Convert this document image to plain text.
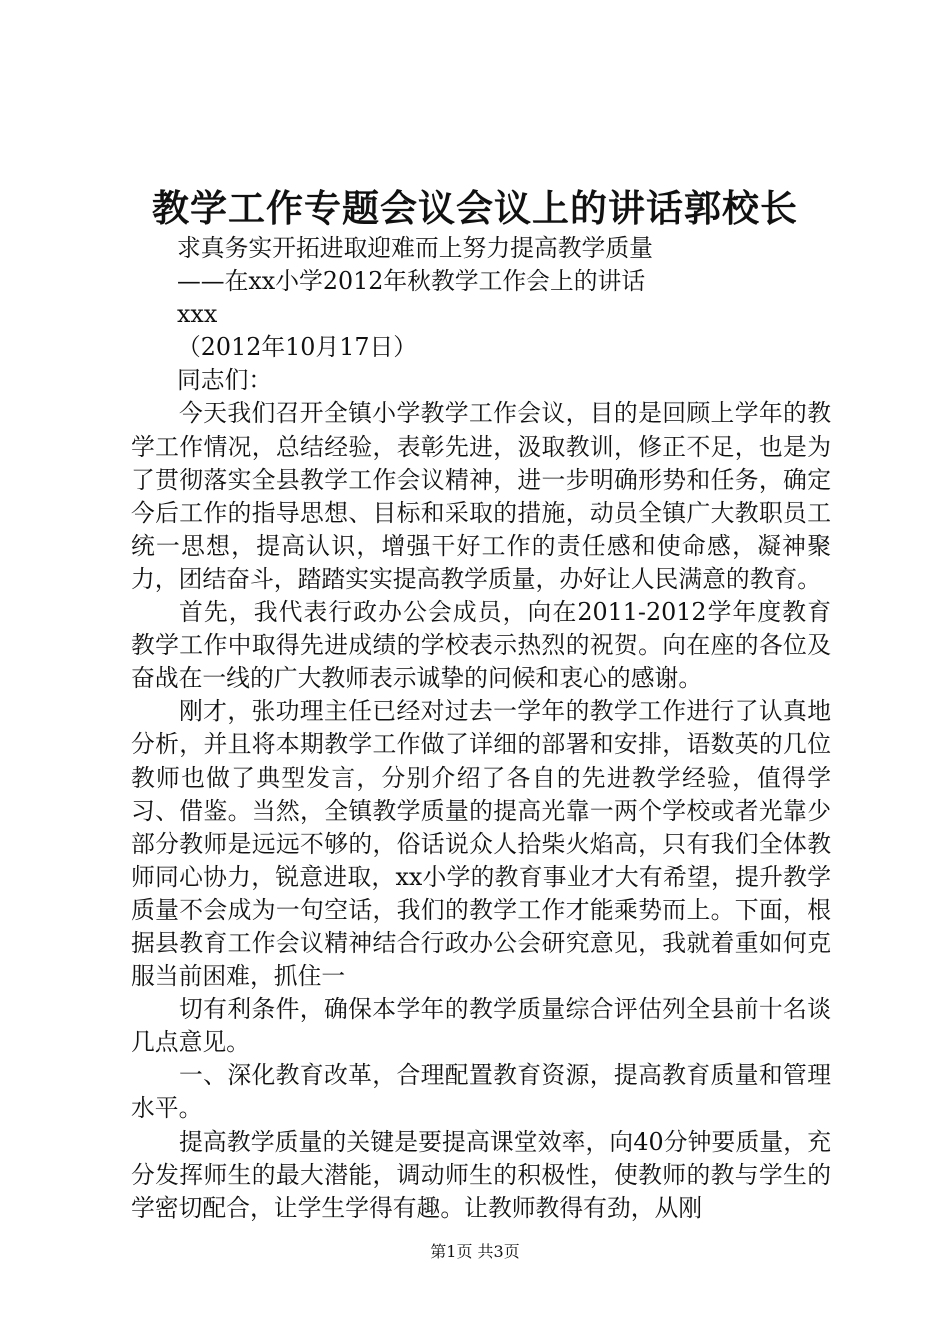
教学工作专题会议会议上的讲话郭校长
求真务实开拓进取迎难而上努力提高教学质量
——在xx小学2012年秋教学工作会上的讲话
xxx
（2012年10月17日）
同志们：

今天我们召开全镇小学教学工作会议，目的是回顾上学年的教学工作情况，总结经验，表彰先进，汲取教训，修正不足，也是为了贯彻落实全县教学工作会议精神，进一步明确形势和任务，确定今后工作的指导思想、目标和采取的措施，动员全镇广大教职员工统一思想，提高认识，增强干好工作的责任感和使命感，凝神聚力，团结奋斗，踏踏实实提高教学质量，办好让人民满意的教育。

首先，我代表行政办公会成员，向在2011-2012学年度教育教学工作中取得先进成绩的学校表示热烈的祝贺。向在座的各位及奋战在一线的广大教师表示诚挚的问候和衷心的感谢。

刚才，张功理主任已经对过去一学年的教学工作进行了认真地分析，并且将本期教学工作做了详细的部署和安排，语数英的几位教师也做了典型发言，分别介绍了各自的先进教学经验，值得学习、借鉴。当然，全镇教学质量的提高光靠一两个学校或者光靠少部分教师是远远不够的，俗话说众人拾柴火焰高，只有我们全体教师同心协力，锐意进取，xx小学的教育事业才大有希望，提升教学质量不会成为一句空话，我们的教学工作才能乘势而上。下面，根据县教育工作会议精神结合行政办公会研究意见，我就着重如何克服当前困难，抓住一

切有利条件，确保本学年的教学质量综合评估列全县前十名谈几点意见。

一、深化教育改革，合理配置教育资源，提高教育质量和管理水平。

提高教学质量的关键是要提高课堂效率，向40分钟要质量，充分发挥师生的最大潜能，调动师生的积极性，使教师的教与学生的学密切配合，让学生学得有趣。让教师教得有劲，从刚

第1页 共3页
